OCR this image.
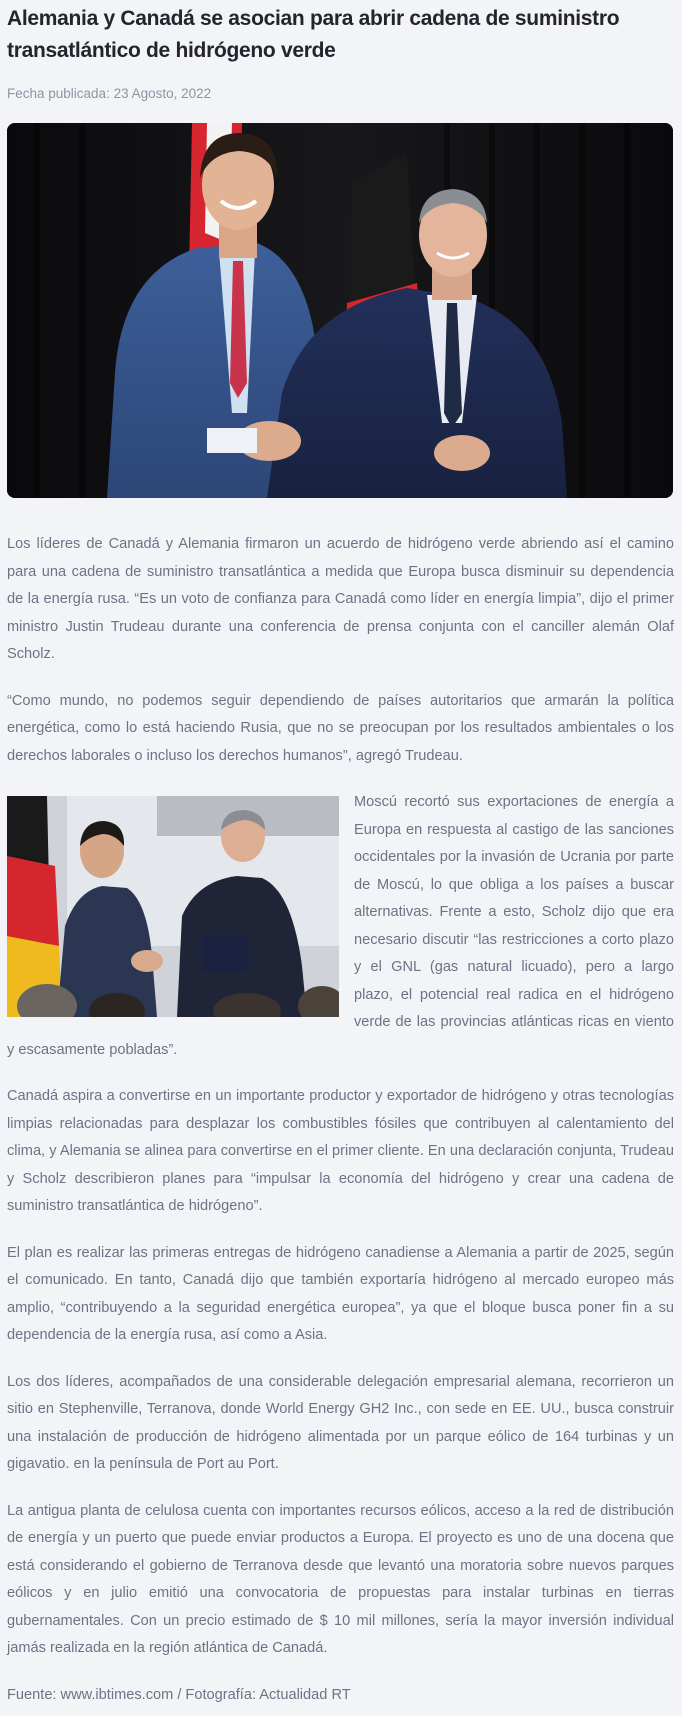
Alemania y Canadá se asocian para abrir cadena de suministro transatlántico de hidrógeno verde
Fecha publicada: 23 Agosto, 2022

Los líderes de Canadá y Alemania firmaron un acuerdo de hidrógeno verde abriendo así el camino para una cadena de suministro transatlántica a medida que Europa busca disminuir su dependencia de la energía rusa. “Es un voto de confianza para Canadá como líder en energía limpia”, dijo el primer ministro Justin Trudeau durante una conferencia de prensa conjunta con el canciller alemán Olaf Scholz.

“Como mundo, no podemos seguir dependiendo de países autoritarios que armarán la política energética, como lo está haciendo Rusia, que no se preocupan por los resultados ambientales o los derechos laborales o incluso los derechos humanos”, agregó Trudeau.

Moscú recortó sus exportaciones de energía a Europa en respuesta al castigo de las sanciones occidentales por la invasión de Ucrania por parte de Moscú, lo que obliga a los países a buscar alternativas. Frente a esto, Scholz dijo que era necesario discutir “las restricciones a corto plazo y el GNL (gas natural licuado), pero a largo plazo, el potencial real radica en el hidrógeno verde de las provincias atlánticas ricas en viento y escasamente pobladas”.

Canadá aspira a convertirse en un importante productor y exportador de hidrógeno y otras tecnologías limpias relacionadas para desplazar los combustibles fósiles que contribuyen al calentamiento del clima, y Alemania se alinea para convertirse en el primer cliente. En una declaración conjunta, Trudeau y Scholz describieron planes para “impulsar la economía del hidrógeno y crear una cadena de suministro transatlántica de hidrógeno”.

El plan es realizar las primeras entregas de hidrógeno canadiense a Alemania a partir de 2025, según el comunicado. En tanto, Canadá dijo que también exportaría hidrógeno al mercado europeo más amplio, “contribuyendo a la seguridad energética europea”, ya que el bloque busca poner fin a su dependencia de la energía rusa, así como a Asia.

Los dos líderes, acompañados de una considerable delegación empresarial alemana, recorrieron un sitio en Stephenville, Terranova, donde World Energy GH2 Inc., con sede en EE. UU., busca construir una instalación de producción de hidrógeno alimentada por un parque eólico de 164 turbinas y un gigavatio. en la península de Port au Port.

La antigua planta de celulosa cuenta con importantes recursos eólicos, acceso a la red de distribución de energía y un puerto que puede enviar productos a Europa. El proyecto es uno de una docena que está considerando el gobierno de Terranova desde que levantó una moratoria sobre nuevos parques eólicos y en julio emitió una convocatoria de propuestas para instalar turbinas en tierras gubernamentales. Con un precio estimado de $ 10 mil millones, sería la mayor inversión individual jamás realizada en la región atlántica de Canadá.

Fuente: www.ibtimes.com / Fotografía: Actualidad RT
